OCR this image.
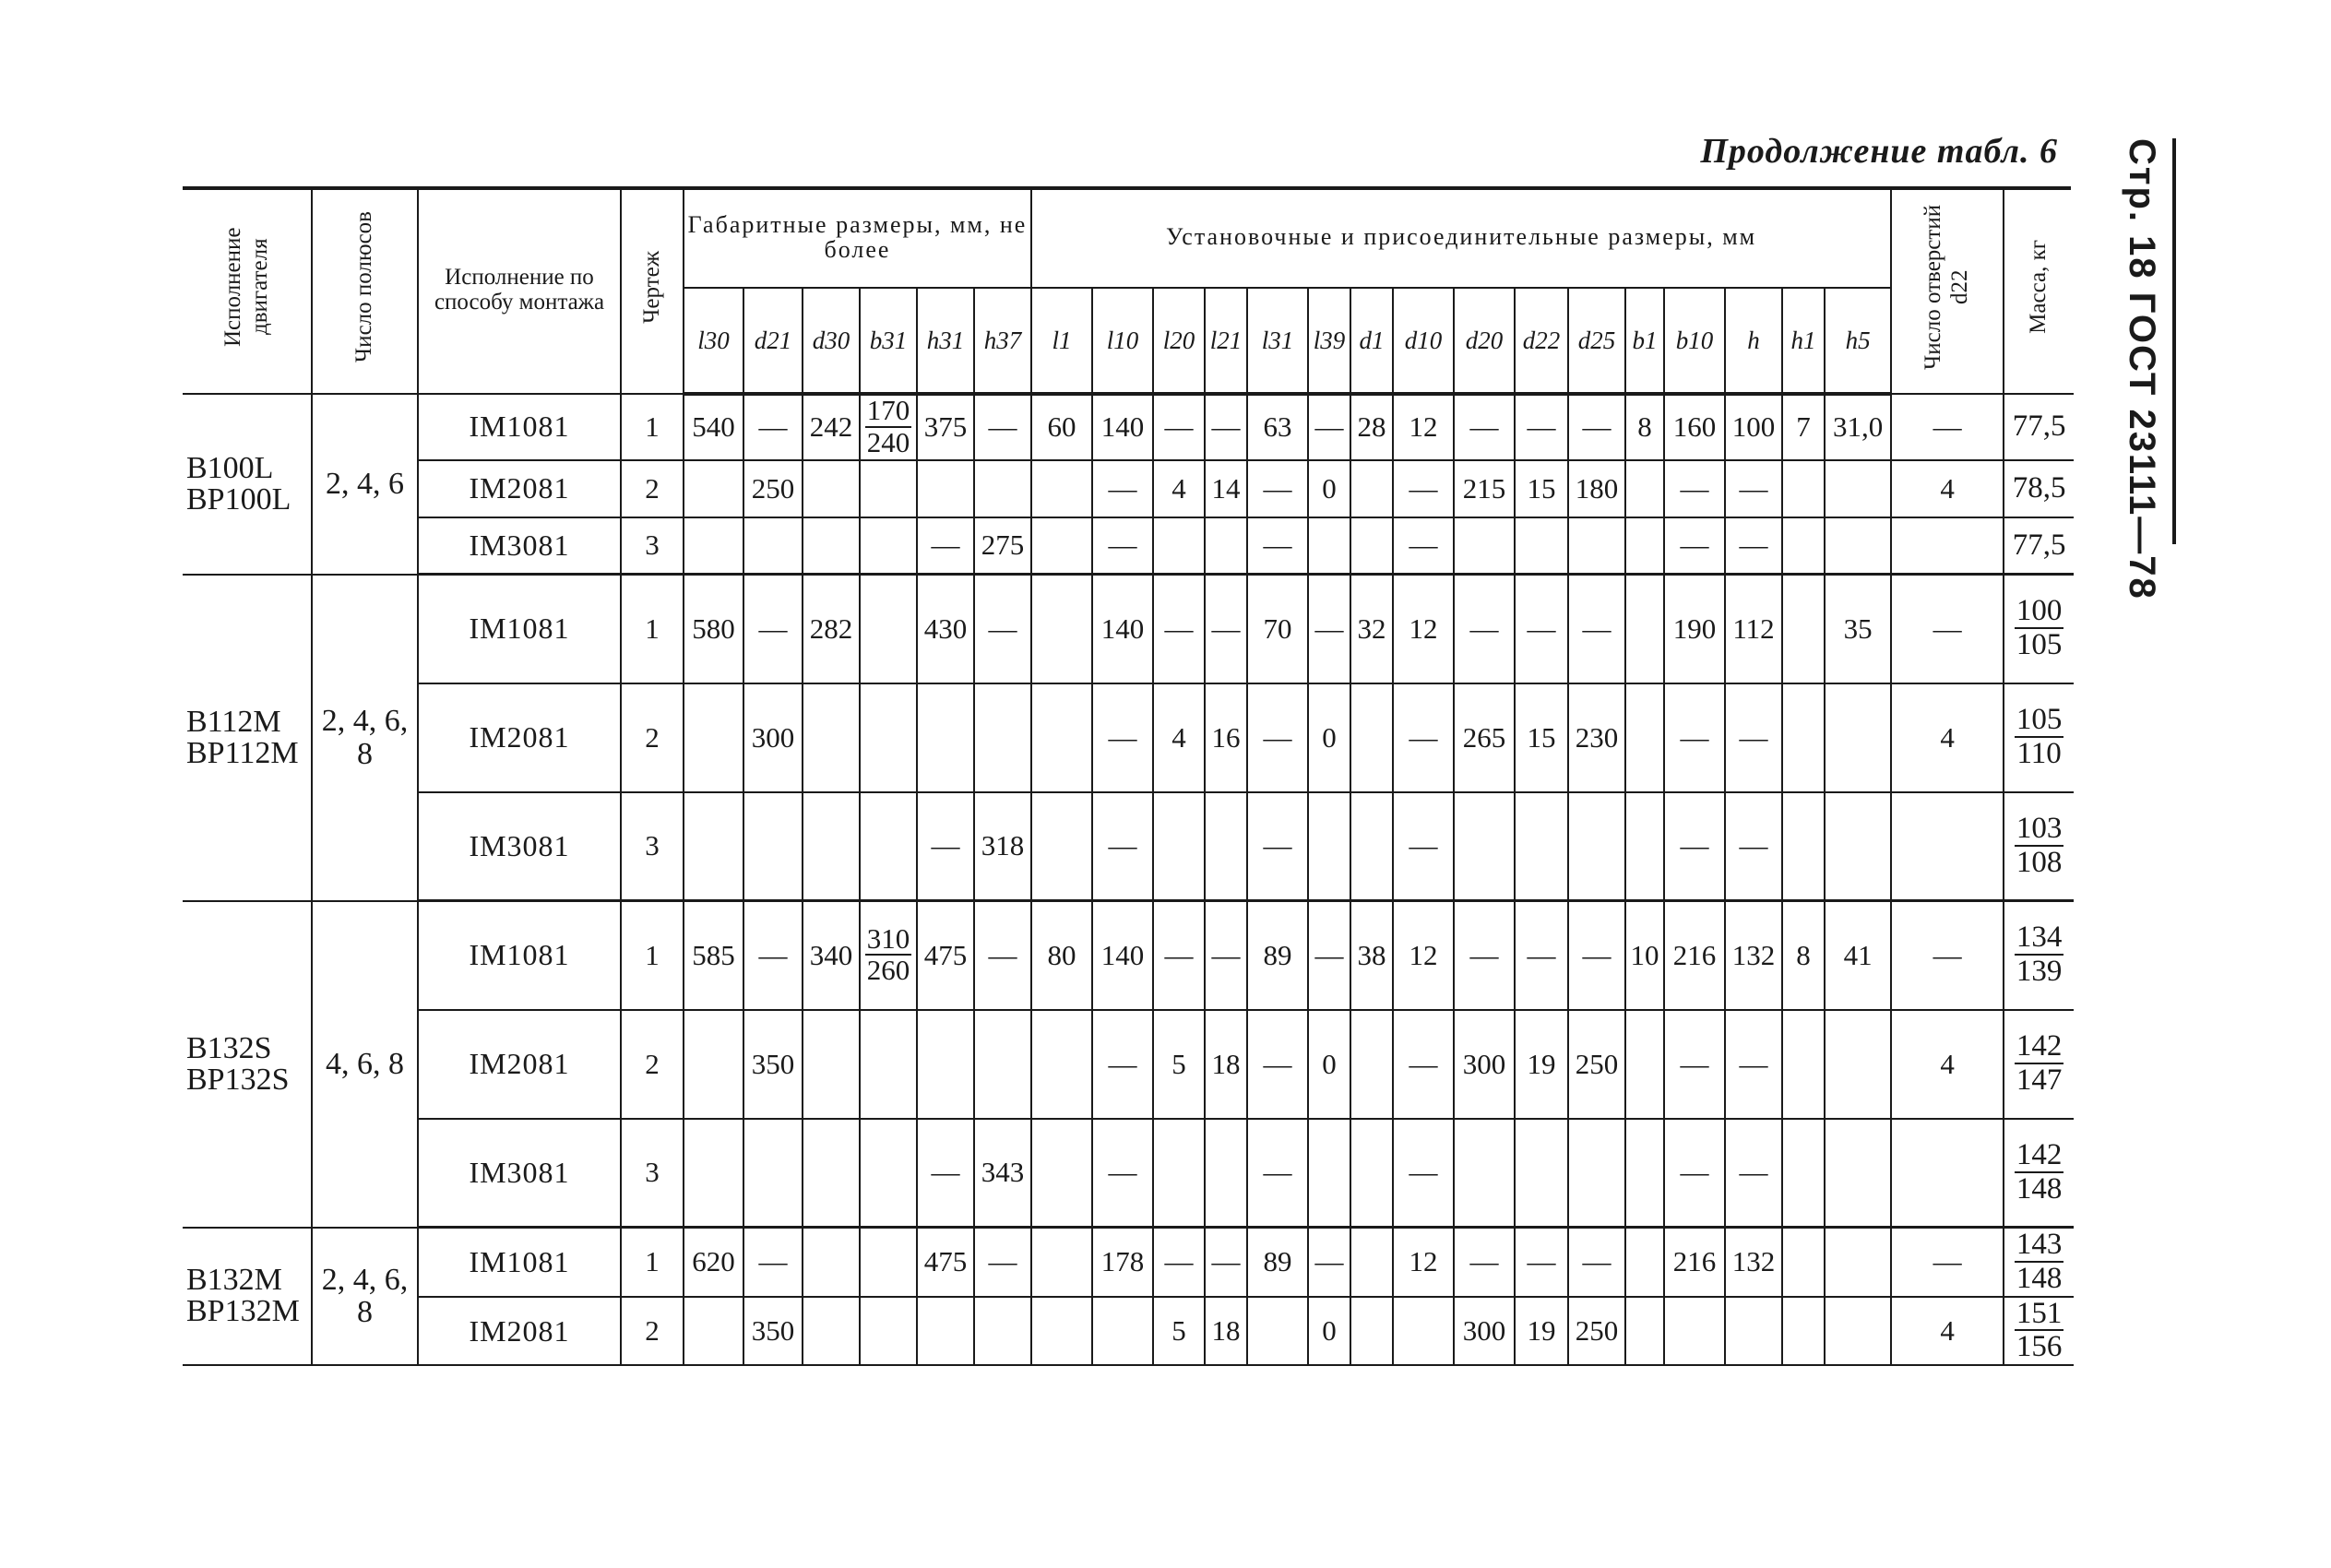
Стр. 18 ГОСТ 23111—78
Продолжение табл. 6
Исполнение двигателя	Число полюсов	Исполнение по способу монтажа	Чертеж	Габаритные размеры, мм, не более						Установочные и присоединительные размеры, мм																Число отверстий d22	Масса, кг
				l30	d21	d30	b31	h31	h37	l1	l10	l20	l21	l31	l39	d1	d10	d20	d22	d25	b1	b10	h	h1	h5		
В100L ВР100L	2, 4, 6	IM1081	1	540	—	242	$\frac{170}{240}$	375	—	60	140	—	—	63	—	28	12	—	—	—	8	160	100	7	31,0	—	77,5
		IM2081	2		250						—	4	14	—	0		—	215	15	180		—	—			4	78,5
		IM3081	3					—	275		—			—			—					—	—				77,5
В112М ВР112М	2, 4, 6, 8	IM1081	1	580	—	282		430	—		140	—	—	70	—	32	12	—	—	—		190	112		35	—	$\frac{100}{105}$

		IM2081	2		300						—	4	16	—	0		—	265	15	230		—	—			4	$\frac{105}{110}$

		IM3081	3					—	318		—			—			—					—	—				$\frac{103}{108}$

В132S ВР132S	4, 6, 8	IM1081	1	585	—	340	$\frac{310}{260}$	475	—	80	140	—	—	89	—	38	12	—	—	—	10	216	132	8	41	—	$\frac{134}{139}$

		IM2081	2		350						—	5	18	—	0		—	300	19	250		—	—			4	$\frac{142}{147}$

		IM3081	3					—	343		—			—			—					—	—				$\frac{142}{148}$

В132М ВР132М	2, 4, 6, 8	IM1081	1	620	—			475	—		178	—	—	89	—		12	—	—	—		216	132			—	$\frac{143}{148}$

		IM2081	2		350							5	18		0			300	19	250						4	$\frac{151}{156}$
